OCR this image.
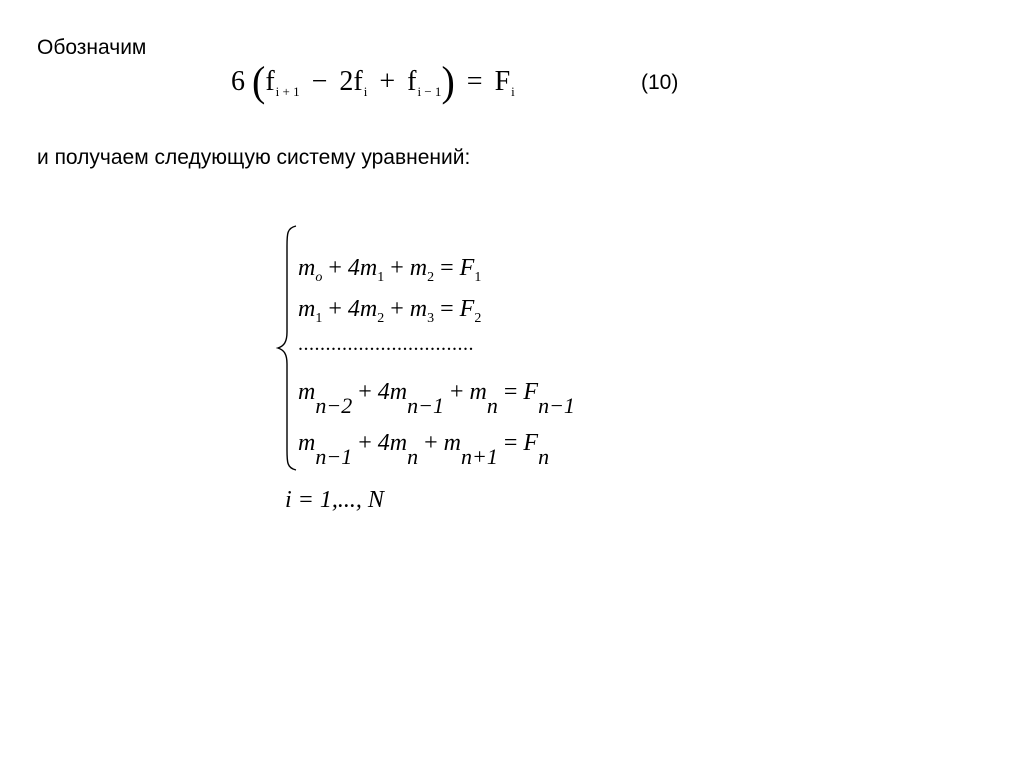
Обозначим
6 $(f_{i + 1} - 2f_i + f_{i - 1}) = F_i$	(10)
и получаем следующую систему уравнений:
$m_o + 4m_1 + m_2 = F_1$
$m_1 + 4m_2 + m_3 = F_2$
................................
$m_{n-2}+ 4m_{n-1}+ m_n= F_{n-1}$
$m_{n-1}+ 4m_n+ m_{n+1}= F_n$
i = 1,..., N
